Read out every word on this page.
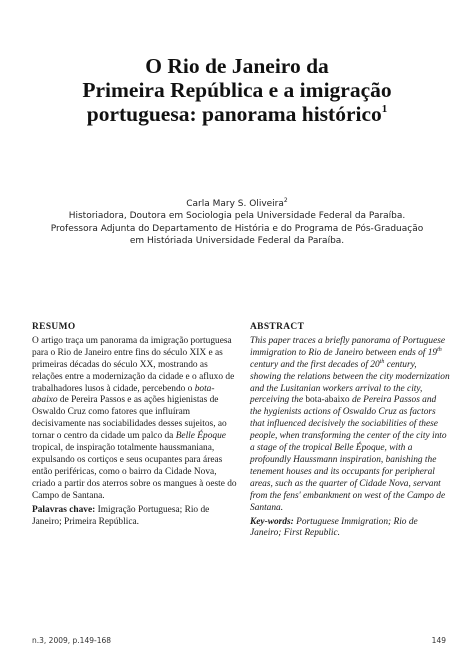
O Rio de Janeiro da
Primeira República e a imigração
portuguesa: panorama histórico$^1$
Carla Mary S. Oliveira$^2$
Historiadora, Doutora em Sociologia pela Universidade Federal da Paraíba.
Professora Adjunta do Departamento de História e do Programa de Pós-Graduação
em Históriada Universidade Federal da Paraíba.
RESUMO

O artigo traça um panorama da imigração portuguesa para o Rio de Janeiro entre fins do século XIX e as primeiras décadas do século XX, mostrando as relações entre a modernização da cidade e o afluxo de trabalhadores lusos à cidade, percebendo o bota-abaixo de Pereira Passos e as ações higienistas de Oswaldo Cruz como fatores que influíram decisivamente nas sociabilidades desses sujeitos, ao tornar o centro da cidade um palco da Belle Époque tropical, de inspiração totalmente haussmaniana, expulsando os cortiços e seus ocupantes para áreas então periféricas, como o bairro da Cidade Nova, criado a partir dos aterros sobre os mangues à oeste do Campo de Santana.

Palavras chave: Imigração Portuguesa; Rio de Janeiro; Primeira República.

ABSTRACT

This paper traces a briefly panorama of Portuguese immigration to Rio de Janeiro between ends of 19th century and the first decades of 20th century, showing the relations between the city modernization and the Lusitanian workers arrival to the city, perceiving the bota-abaixo de Pereira Passos and the hygienists actions of Oswaldo Cruz as factors that influenced decisively the sociabilities of these people, when transforming the center of the city into a stage of the tropical Belle Époque, with a profoundly Haussmann inspiration, banishing the tenement houses and its occupants for peripheral areas, such as the quarter of Cidade Nova, servant from the fens' embankment on west of the Campo de Santana.

Key-words: Portuguese Immigration; Rio de Janeiro; First Republic.

n.3, 2009, p.149-168	149
